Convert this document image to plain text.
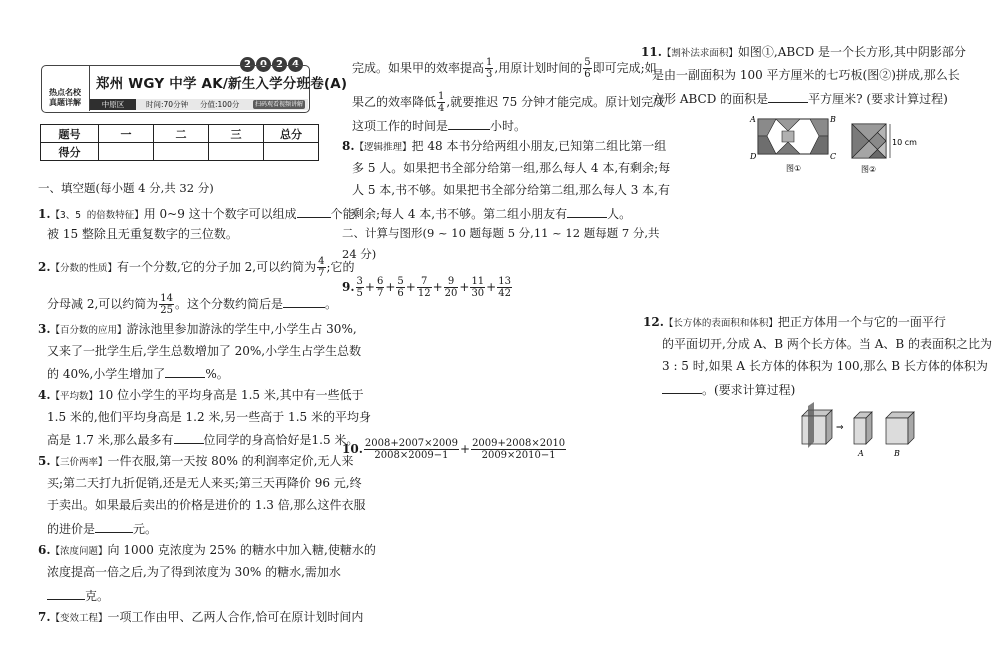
2 0 2 4
热点名校
真题详解
郑州 WGY 中学 AK/新生入学分班卷(A)
中原区	时间:70分钟 分值:100分	扫码观看视频讲解
题号	一	二	三	总分
得分				
一、填空题(每小题 4 分,共 32 分)
1.【3、5 的倍数特征】用 0~9 这十个数字可以组成	个能
被 15 整除且无重复数字的三位数。
2.【分数的性质】有一个分数,它的分子加 2,可以约简为 $\frac{4}{7}$ ;它的
分母减 2,可以约简为 $\frac{14}{25}$ 。这个分数约简后是	。
3.【百分数的应用】游泳池里参加游泳的学生中,小学生占 30%,
又来了一批学生后,学生总数增加了 20%,小学生占学生总数
的 40%,小学生增加了	%。
4.【平均数】10 位小学生的平均身高是 1.5 米,其中有一些低于
1.5 米的,他们平均身高是 1.2 米,另一些高于 1.5 米的平均身
高是 1.7 米,那么最多有	位同学的身高恰好是1.5 米。
5.【三价两率】一件衣服,第一天按 80% 的利润率定价,无人来
买;第二天打九折促销,还是无人来买;第三天再降价 96 元,终
于卖出。如果最后卖出的价格是进价的 1.3 倍,那么这件衣服
的进价是	元。
6.【浓度问题】向 1000 克浓度为 25% 的糖水中加入糖,使糖水的
浓度提高一倍之后,为了得到浓度为 30% 的糖水,需加水
克。
7.【变效工程】一项工作由甲、乙两人合作,恰可在原计划时间内
完成。如果甲的效率提高 $\frac{1}{3}$ ,用原计划时间的 $\frac{5}{6}$ 即可完成;如
果乙的效率降低 $\frac{1}{4}$ ,就要推迟 75 分钟才能完成。原计划完成
这项工作的时间是	小时。
8.【逻辑推理】把 48 本书分给两组小朋友,已知第二组比第一组
多 5 人。如果把书全部分给第一组,那么每人 4 本,有剩余;每
人 5 本,书不够。如果把书全部分给第二组,那么每人 3 本,有
剩余;每人 4 本,书不够。第二组小朋友有	人。
二、计算与图形(9 ~ 10 题每题 5 分,11 ~ 12 题每题 7 分,共
24 分)
9. $\frac{3}{5} + \frac{6}{7} + \frac{5}{6} + \frac{7}{12} + \frac{9}{20} + \frac{11}{30} + \frac{13}{42}$
10. $\frac{2008+2007\times 2009}{2008\times 2009-1} + \frac{2009+2008\times 2010}{2009\times 2010-1}$
11.【割补法求面积】如图①,ABCD 是一个长方形,其中阴影部分
是由一副面积为 100 平方厘米的七巧板(图②)拼成,那么长
方形 ABCD 的面积是	平方厘米? (要求计算过程)
A	B
C
D
图①
10 cm
图②
12.【长方体的表面积和体积】把正方体用一个与它的一面平行
的平面切开,分成 A、B 两个长方体。当 A、B 的表面积之比为
3 : 5 时,如果 A 长方体的体积为 100,那么 B 长方体的体积为
。(要求计算过程)
⇒
A	B
